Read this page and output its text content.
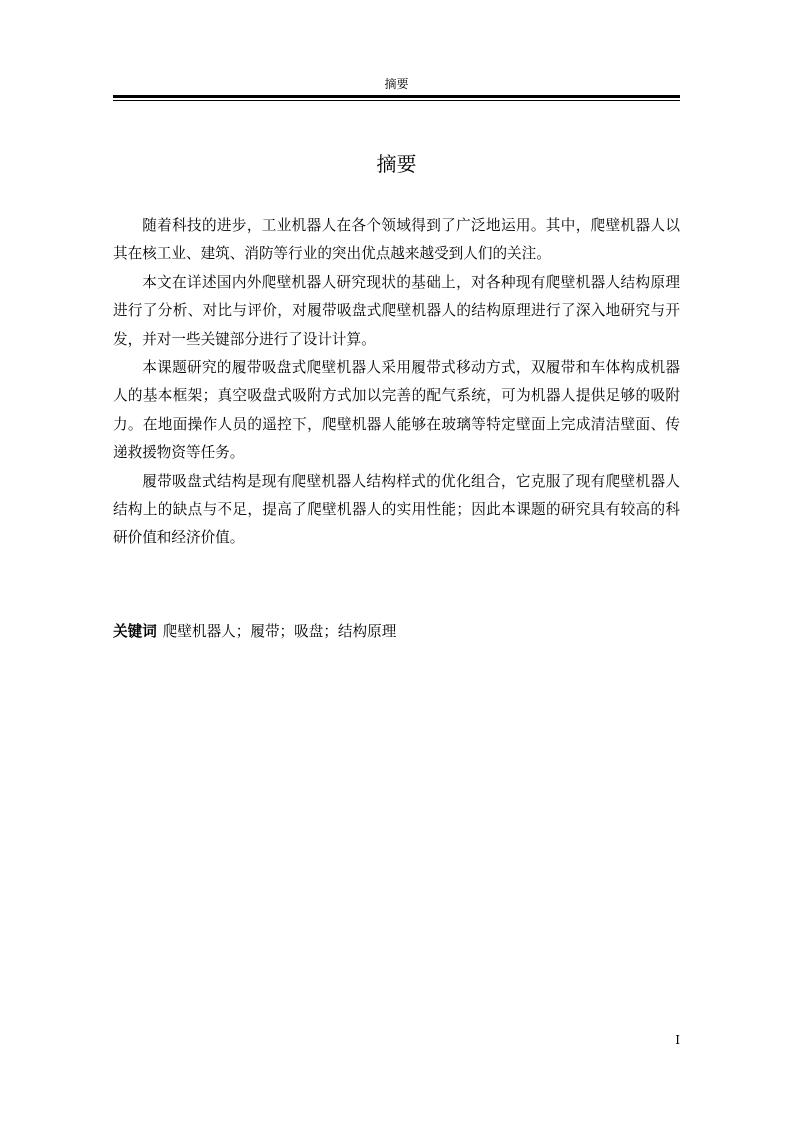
摘要
摘要

随着科技的进步，工业机器人在各个领域得到了广泛地运用。其中，爬壁机器人以其在核工业、建筑、消防等行业的突出优点越来越受到人们的关注。

本文在详述国内外爬壁机器人研究现状的基础上，对各种现有爬壁机器人结构原理进行了分析、对比与评价，对履带吸盘式爬壁机器人的结构原理进行了深入地研究与开发，并对一些关键部分进行了设计计算。

本课题研究的履带吸盘式爬壁机器人采用履带式移动方式，双履带和车体构成机器人的基本框架；真空吸盘式吸附方式加以完善的配气系统，可为机器人提供足够的吸附力。在地面操作人员的遥控下，爬壁机器人能够在玻璃等特定壁面上完成清洁壁面、传递救援物资等任务。

履带吸盘式结构是现有爬壁机器人结构样式的优化组合，它克服了现有爬壁机器人结构上的缺点与不足，提高了爬壁机器人的实用性能；因此本课题的研究具有较高的科研价值和经济价值。

关键词 爬壁机器人；履带；吸盘；结构原理
I
